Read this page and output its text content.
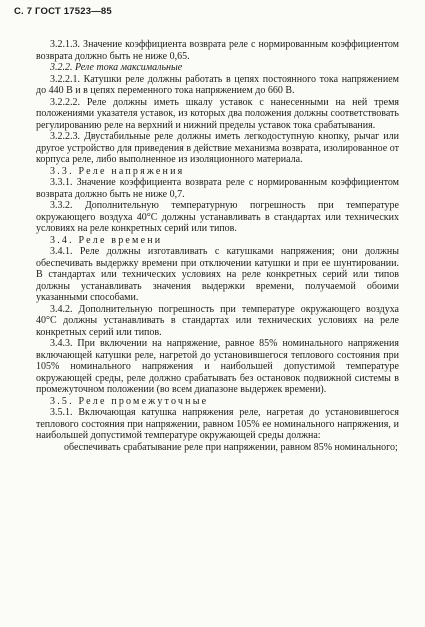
С. 7 ГОСТ 17523—85

3.2.1.3. Значение коэффициента возврата реле с нормированным коэффициентом возврата должно быть не ниже 0,65.

3.2.2. Реле тока максимальные

3.2.2.1. Катушки реле должны работать в цепях постоянного тока напряжением до 440 В и в цепях переменного тока напряжением до 660 В.

3.2.2.2. Реле должны иметь шкалу уставок с нанесенными на ней тремя положениями указателя уставок, из которых два положения должны соответствовать регулированию реле на верхний и нижний пределы уставок тока срабатывания.

3.2.2.3. Двустабильные реле должны иметь легкодоступную кнопку, рычаг или другое устройство для приведения в действие механизма возврата, изолированное от корпуса реле, либо выполненное из изоляционного материала.

3.3. Реле напряжения

3.3.1. Значение коэффициента возврата реле с нормированным коэффициентом возврата должно быть не ниже 0,7.

3.3.2. Дополнительную температурную погрешность при температуре окружающего воздуха 40°C должны устанавливать в стандартах или технических условиях на реле конкретных серий или типов.

3.4. Реле времени

3.4.1. Реле должны изготавливать с катушками напряжения; они должны обеспечивать выдержку времени при отключении катушки и при ее шунтировании. В стандартах или технических условиях на реле конкретных серий или типов должны устанавливать значения выдержки времени, получаемой обоими указанными способами.

3.4.2. Дополнительную погрешность при температуре окружающего воздуха 40°C должны устанавливать в стандартах или технических условиях на реле конкретных серий или типов.

3.4.3. При включении на напряжение, равное 85% номинального напряжения включающей катушки реле, нагретой до установившегося теплового состояния при 105% номинального напряжения и наибольшей допустимой температуре окружающей среды, реле должно срабатывать без остановок подвижной системы в промежуточном положении (во всем диапазоне выдержек времени).

3.5. Реле промежуточные

3.5.1. Включающая катушка напряжения реле, нагретая до установившегося теплового состояния при напряжении, равном 105% ее номинального напряжения, и наибольшей допустимой температуре окружающей среды должна:

обеспечивать срабатывание реле при напряжении, равном 85% номинального;
